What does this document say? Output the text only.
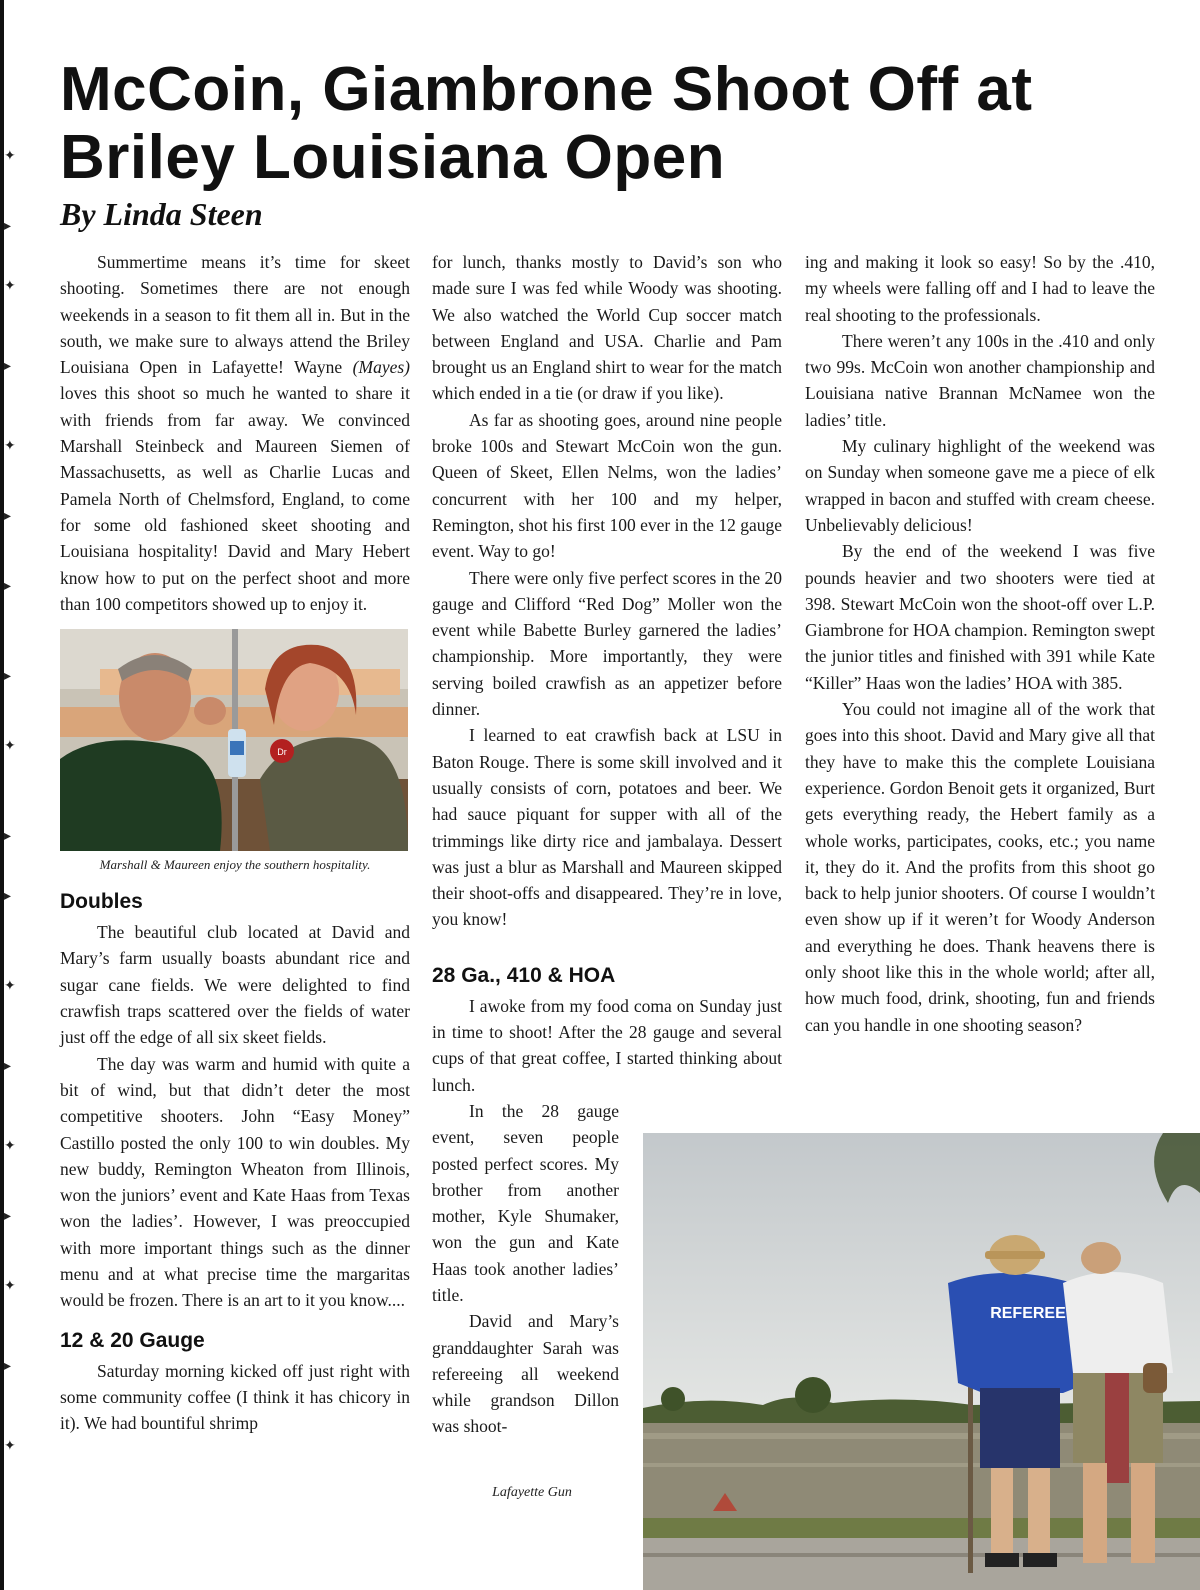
✦
▸
✦
▸
✦
▸
▸
▸
✦
▸
▸
✦
▸
✦
▸
✦
▸
✦
McCoin, Giambrone Shoot Off at Briley Louisiana Open
By Linda Steen

Summertime means it’s time for skeet shooting. Sometimes there are not enough weekends in a season to fit them all in. But in the south, we make sure to always attend the Briley Louisiana Open in Lafayette! Wayne (Mayes) loves this shoot so much he wanted to share it with friends from far away. We convinced Marshall Steinbeck and Maureen Siemen of Massachusetts, as well as Charlie Lucas and Pamela North of Chelmsford, England, to come for some old fashioned skeet shooting and Louisiana hospitality! David and Mary Hebert know how to put on the perfect shoot and more than 100 competitors showed up to enjoy it.

Dr
Marshall & Maureen enjoy the southern hospitality.
Doubles

The beautiful club located at David and Mary’s farm usually boasts abundant rice and sugar cane fields. We were delighted to find crawfish traps scattered over the fields of water just off the edge of all six skeet fields.

The day was warm and humid with quite a bit of wind, but that didn’t deter the most competitive shooters. John “Easy Money” Castillo posted the only 100 to win doubles. My new buddy, Remington Wheaton from Illinois, won the juniors’ event and Kate Haas from Texas won the ladies’. However, I was preoccupied with more important things such as the dinner menu and at what precise time the margaritas would be frozen. There is an art to it you know....

12 & 20 Gauge

Saturday morning kicked off just right with some community coffee (I think it has chicory in it). We had bountiful shrimp

for lunch, thanks mostly to David’s son who made sure I was fed while Woody was shooting. We also watched the World Cup soccer match between England and USA. Charlie and Pam brought us an England shirt to wear for the match which ended in a tie (or draw if you like).

As far as shooting goes, around nine people broke 100s and Stewart McCoin won the gun. Queen of Skeet, Ellen Nelms, won the ladies’ concurrent with her 100 and my helper, Remington, shot his first 100 ever in the 12 gauge event. Way to go!

There were only five perfect scores in the 20 gauge and Clifford “Red Dog” Moller won the event while Babette Burley garnered the ladies’ championship. More importantly, they were serving boiled crawfish as an appetizer before dinner.

I learned to eat crawfish back at LSU in Baton Rouge. There is some skill involved and it usually consists of corn, potatoes and beer. We had sauce piquant for supper with all of the trimmings like dirty rice and jambalaya. Dessert was just a blur as Marshall and Maureen skipped their shoot-offs and disappeared. They’re in love, you know!

28 Ga., 410 & HOA

I awoke from my food coma on Sunday just in time to shoot! After the 28 gauge and several cups of that great coffee, I started thinking about lunch.

In the 28 gauge event, seven people posted perfect scores. My brother from another mother, Kyle Shumaker, won the gun and Kate Haas took another ladies’ title.

David and Mary’s granddaughter Sarah was refereeing all weekend while grandson Dillon was shoot-

Lafayette Gun

ing and making it look so easy! So by the .410, my wheels were falling off and I had to leave the real shooting to the professionals.

There weren’t any 100s in the .410 and only two 99s. McCoin won another championship and Louisiana native Brannan McNamee won the ladies’ title.

My culinary highlight of the weekend was on Sunday when someone gave me a piece of elk wrapped in bacon and stuffed with cream cheese. Unbelievably delicious!

By the end of the weekend I was five pounds heavier and two shooters were tied at 398. Stewart McCoin won the shoot-off over L.P. Giambrone for HOA champion. Remington swept the junior titles and finished with 391 while Kate “Killer” Haas won the ladies’ HOA with 385.

You could not imagine all of the work that goes into this shoot. David and Mary give all that they have to make this the complete Louisiana experience. Gordon Benoit gets it organized, Burt gets everything ready, the Hebert family as a whole works, participates, cooks, etc.; you name it, they do it. And the profits from this shoot go back to help junior shooters. Of course I wouldn’t even show up if it weren’t for Woody Anderson and everything he does. Thank heavens there is only shoot like this in the whole world; after all, how much food, drink, shooting, fun and friends can you handle in one shooting season?

REFEREE
